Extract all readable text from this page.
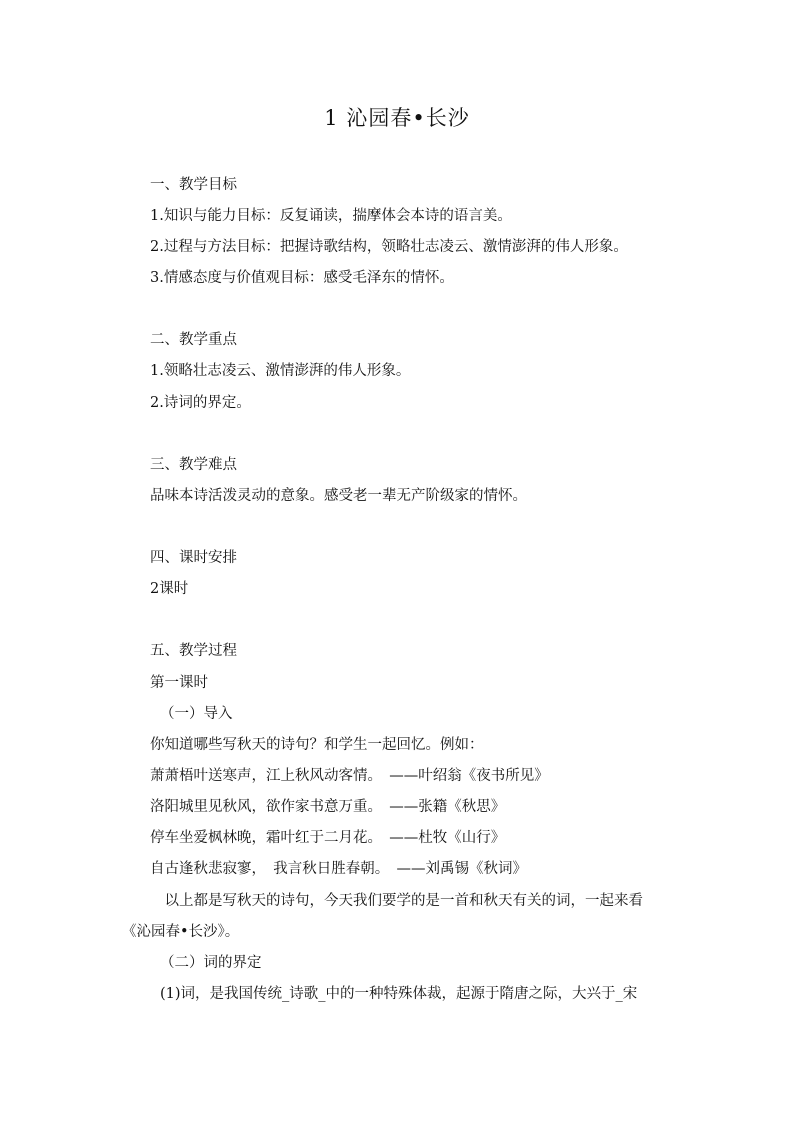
1 沁园春•长沙
一、教学目标
1.知识与能力目标：反复诵读，揣摩体会本诗的语言美。
2.过程与方法目标：把握诗歌结构，领略壮志凌云、激情澎湃的伟人形象。
3.情感态度与价值观目标：感受毛泽东的情怀。
二、教学重点
1.领略壮志凌云、激情澎湃的伟人形象。
2.诗词的界定。
三、教学难点
品味本诗活泼灵动的意象。感受老一辈无产阶级家的情怀。
四、课时安排
2课时
五、教学过程
第一课时
（一）导入
你知道哪些写秋天的诗句？和学生一起回忆。例如：
萧萧梧叶送寒声，江上秋风动客情。　——叶绍翁《夜书所见》
洛阳城里见秋风，欲作家书意万重。　——张籍《秋思》
停车坐爱枫林晚，霜叶红于二月花。　——杜牧《山行》
自古逢秋悲寂寥，　我言秋日胜春朝。　——刘禹锡《秋词》
　以上都是写秋天的诗句，今天我们要学的是一首和秋天有关的词，一起来看
《沁园春•长沙》。
（二）词的界定
(1)词，是我国传统_诗歌_中的一种特殊体裁，起源于隋唐之际，大兴于_宋
